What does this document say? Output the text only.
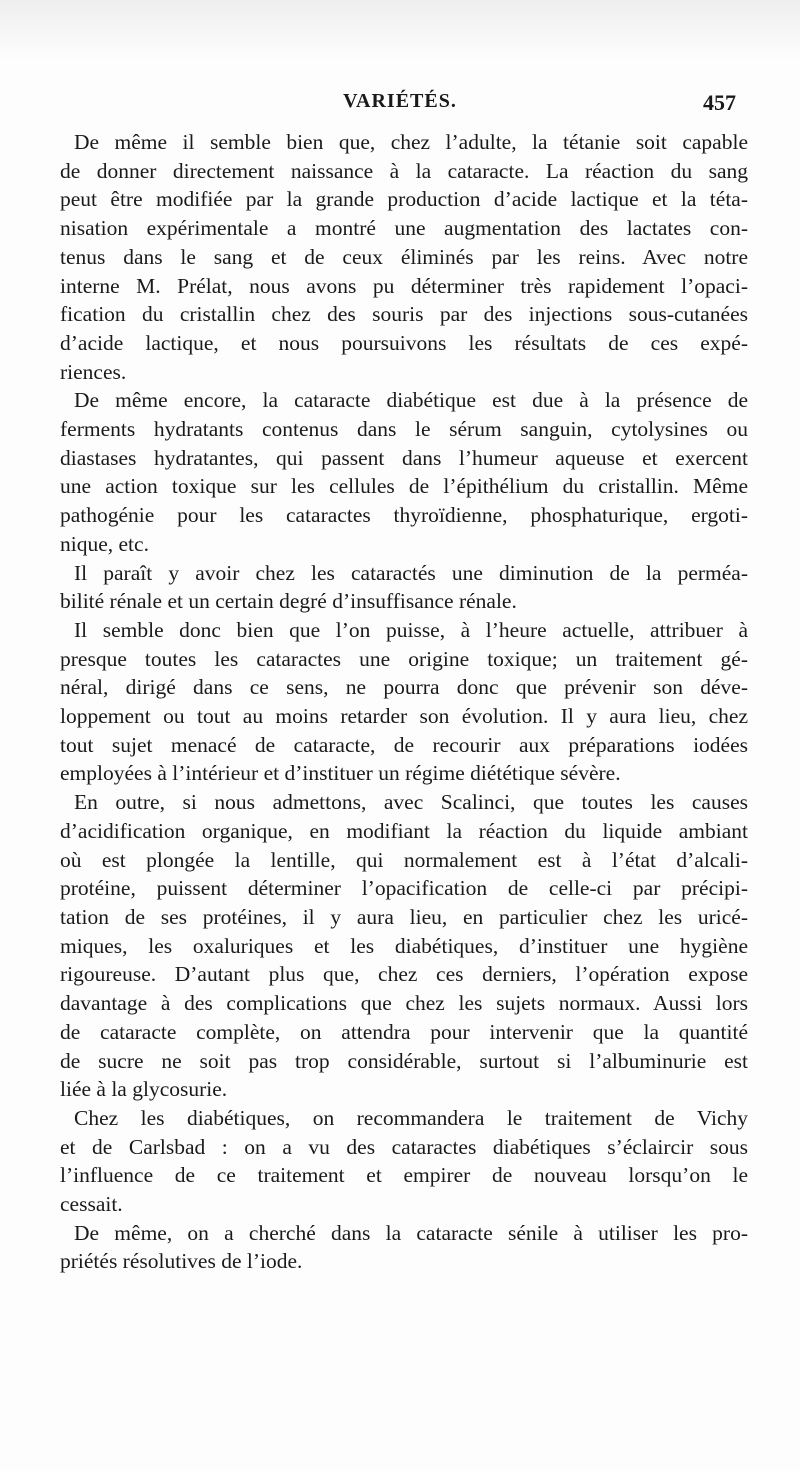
VARIÉTÉS.	457

De même il semble bien que, chez l’adulte, la tétanie soit capable
de donner directement naissance à la cataracte. La réaction du sang
peut être modifiée par la grande production d’acide lactique et la téta-
nisation expérimentale a montré une augmentation des lactates con-
tenus dans le sang et de ceux éliminés par les reins. Avec notre
interne M. Prélat, nous avons pu déterminer très rapidement l’opaci-
fication du cristallin chez des souris par des injections sous-cutanées
d’acide lactique, et nous poursuivons les résultats de ces expé-
riences.

De même encore, la cataracte diabétique est due à la présence de
ferments hydratants contenus dans le sérum sanguin, cytolysines ou
diastases hydratantes, qui passent dans l’humeur aqueuse et exercent
une action toxique sur les cellules de l’épithélium du cristallin. Même
pathogénie pour les cataractes thyroïdienne, phosphaturique, ergoti-
nique, etc.

Il paraît y avoir chez les cataractés une diminution de la perméa-
bilité rénale et un certain degré d’insuffisance rénale.

Il semble donc bien que l’on puisse, à l’heure actuelle, attribuer à
presque toutes les cataractes une origine toxique; un traitement gé-
néral, dirigé dans ce sens, ne pourra donc que prévenir son déve-
loppement ou tout au moins retarder son évolution. Il y aura lieu, chez
tout sujet menacé de cataracte, de recourir aux préparations iodées
employées à l’intérieur et d’instituer un régime diététique sévère.

En outre, si nous admettons, avec Scalinci, que toutes les causes
d’acidification organique, en modifiant la réaction du liquide ambiant
où est plongée la lentille, qui normalement est à l’état d’alcali-
protéine, puissent déterminer l’opacification de celle-ci par précipi-
tation de ses protéines, il y aura lieu, en particulier chez les uricé-
miques, les oxaluriques et les diabétiques, d’instituer une hygiène
rigoureuse. D’autant plus que, chez ces derniers, l’opération expose
davantage à des complications que chez les sujets normaux. Aussi lors
de cataracte complète, on attendra pour intervenir que la quantité
de sucre ne soit pas trop considérable, surtout si l’albuminurie est
liée à la glycosurie.

Chez les diabétiques, on recommandera le traitement de Vichy
et de Carlsbad : on a vu des cataractes diabétiques s’éclaircir sous
l’influence de ce traitement et empirer de nouveau lorsqu’on le
cessait.

De même, on a cherché dans la cataracte sénile à utiliser les pro-
priétés résolutives de l’iode.
